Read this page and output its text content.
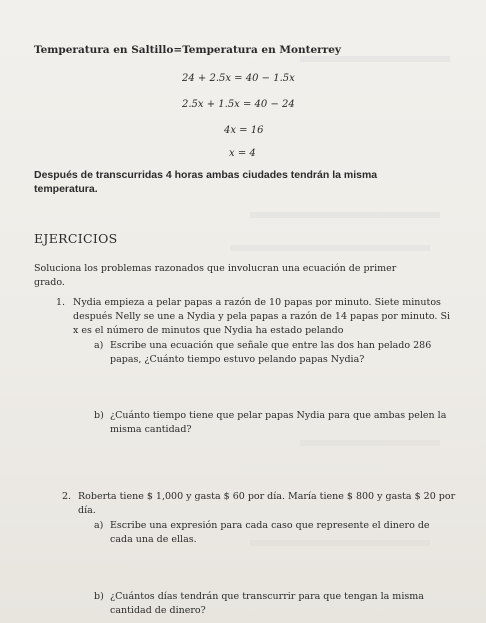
Temperatura en Saltillo=Temperatura en Monterrey
24 + 2.5x = 40 − 1.5x
2.5x + 1.5x = 40 − 24
4x = 16
x = 4
Después de transcurridas 4 horas ambas ciudades tendrán la misma
temperatura.
EJERCICIOS
Soluciona los problemas razonados que involucran una ecuación de primer
grado.
1. Nydia empieza a pelar papas a razón de 10 papas por minuto. Siete minutos
después Nelly se une a Nydia y pela papas a razón de 14 papas por minuto. Si
x es el número de minutos que Nydia ha estado pelando
a) Escribe una ecuación que señale que entre las dos han pelado 286
papas, ¿Cuánto tiempo estuvo pelando papas Nydia?
b) ¿Cuánto tiempo tiene que pelar papas Nydia para que ambas pelen la
misma cantidad?
2. Roberta tiene $ 1,000 y gasta $ 60 por día. María tiene $ 800 y gasta $ 20 por
día.
a) Escribe una expresión para cada caso que represente el dinero de
cada una de ellas.
b) ¿Cuántos días tendrán que transcurrir para que tengan la misma
cantidad de dinero?
